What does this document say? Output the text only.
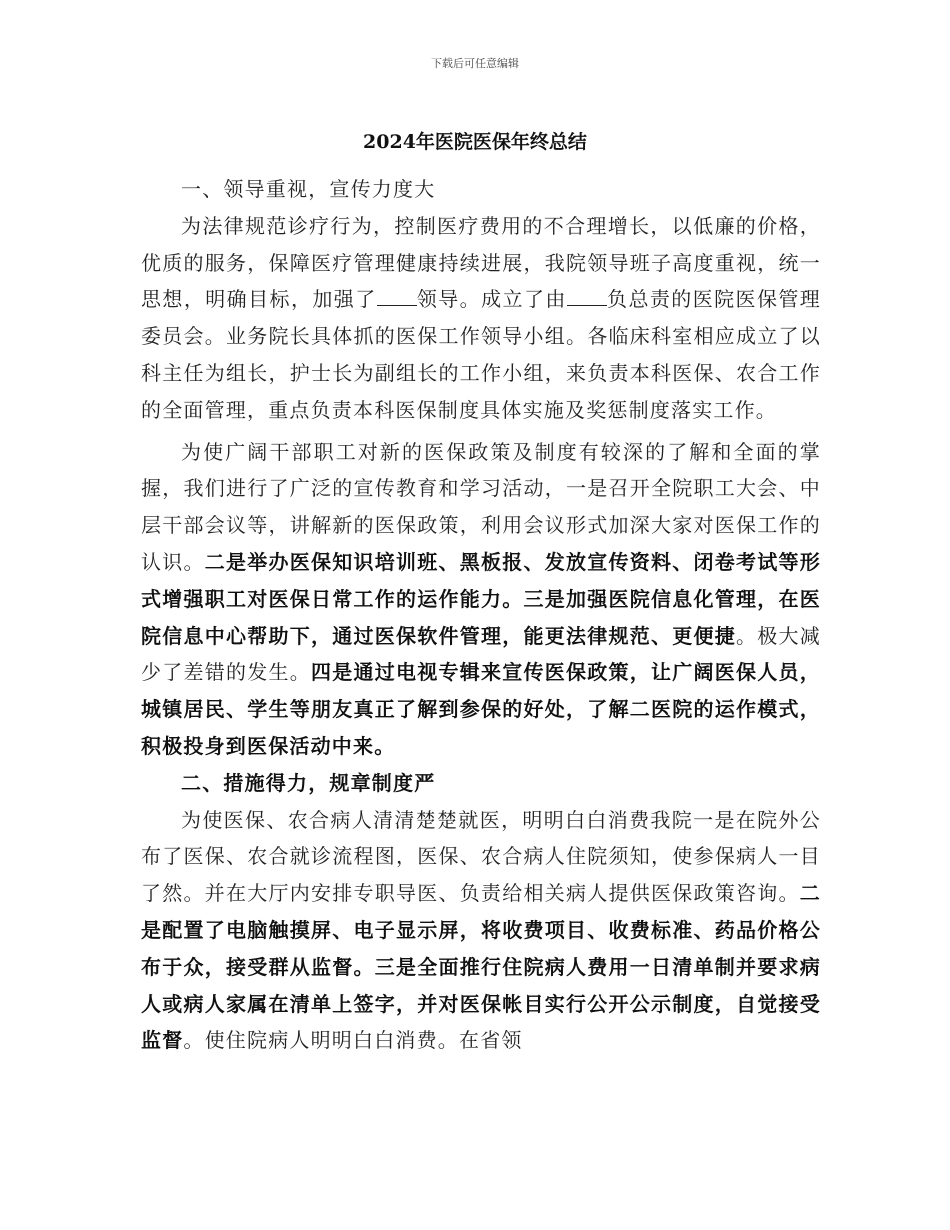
下载后可任意编辑
2024年医院医保年终总结

一、领导重视，宣传力度大

为法律规范诊疗行为，控制医疗费用的不合理增长，以低廉的价格，优质的服务，保障医疗管理健康持续进展，我院领导班子高度重视，统一思想，明确目标，加强了 领导。成立了由 负总责的医院医保管理委员会。业务院长具体抓的医保工作领导小组。各临床科室相应成立了以科主任为组长，护士长为副组长的工作小组，来负责本科医保、农合工作的全面管理，重点负责本科医保制度具体实施及奖惩制度落实工作。

为使广阔干部职工对新的医保政策及制度有较深的了解和全面的掌握，我们进行了广泛的宣传教育和学习活动，一是召开全院职工大会、中层干部会议等，讲解新的医保政策，利用会议形式加深大家对医保工作的认识。二是举办医保知识培训班、黑板报、发放宣传资料、闭卷考试等形式增强职工对医保日常工作的运作能力。三是加强医院信息化管理，在医院信息中心帮助下，通过医保软件管理，能更法律规范、更便捷。极大减少了差错的发生。四是通过电视专辑来宣传医保政策，让广阔医保人员，城镇居民、学生等朋友真正了解到参保的好处，了解二医院的运作模式，积极投身到医保活动中来。

二、措施得力，规章制度严

为使医保、农合病人清清楚楚就医，明明白白消费我院一是在院外公布了医保、农合就诊流程图，医保、农合病人住院须知，使参保病人一目了然。并在大厅内安排专职导医、负责给相关病人提供医保政策咨询。二是配置了电脑触摸屏、电子显示屏，将收费项目、收费标准、药品价格公布于众，接受群从监督。三是全面推行住院病人费用一日清单制并要求病人或病人家属在清单上签字，并对医保帐目实行公开公示制度，自觉接受监督。使住院病人明明白白消费。在省领
